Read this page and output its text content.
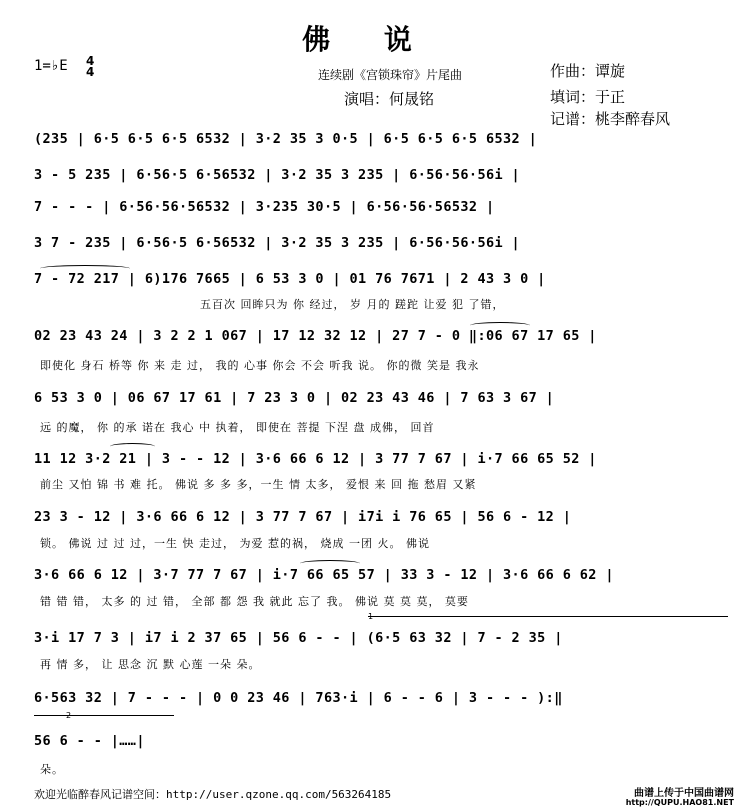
佛 说
1=♭E 4
4	连续剧《宫锁珠帘》片尾曲
演唱：何晟铭
作曲：谭旋
填词：于正
记谱：桃李醉春风
(235 | 6·5 6·5 6·5 6532 | 3·2 35 3 0·5 | 6·5 6·5 6·5 6532 |
3 - 5 235 | 6·56·5 6·56532 | 3·2 35 3 235 | 6·56·56·56i |
7 - - - | 6·56·56·56532 | 3·235 30·5 | 6·56·56·56532 |
3 7 - 235 | 6·56·5 6·56532 | 3·2 35 3 235 | 6·56·56·56i |
7 - 72 217 | 6)176 7665 | 6 53 3 0 | 01 76 7671 | 2 43 3 0 |
五百次 回眸只为 你 经过， 岁 月的 蹉跎 让爱 犯 了错，
02 23 43 24 | 3 2 2 1 067 | 17 12 32 12 | 27 7 - 0 ‖:06 67 17 65 |
即使化 身石 桥等 你 来 走 过， 我的 心事 你会 不会 听我 说。 你的微 笑是 我永
6 53 3 0 | 06 67 17 61 | 7 23 3 0 | 02 23 43 46 | 7 63 3 67 |
远 的魔， 你 的承 诺在 我心 中 执着， 即使在 菩提 下涅 盘 成佛， 回首
11 12 3·2 21 | 3 - - 12 | 3·6 66 6 12 | 3 77 7 67 | i·7 66 65 52 |
前尘 又怕 锦 书 难 托。 佛说 多 多 多，一生 情 太多， 爱恨 来 回 拖 愁眉 又紧
23 3 - 12 | 3·6 66 6 12 | 3 77 7 67 | i7i i 76 65 | 56 6 - 12 |
锁。 佛说 过 过 过，一生 快 走过， 为爱 惹的祸， 烧成 一团 火。 佛说
3·6 66 6 12 | 3·7 77 7 67 | i·7 66 65 57 | 33 3 - 12 | 3·6 66 6 62 |
错 错 错， 太多 的 过 错， 全部 都 怨 我 就此 忘了 我。 佛说 莫 莫 莫， 莫要
3·i 17 7 3 | i7 i 2 37 65 | 56 6 - - | (6·5 63 32 | 7 - 2 35 |
再 情 多， 让 思念 沉 默 心莲 一朵 朵。
6·563 32 | 7 - - - | 0 0 23 46 | 763·i | 6 - - 6 | 3 - - - ):‖
56 6 - - |……|
朵。
欢迎光临醉春风记谱空间：http://user.qzone.qq.com/563264185	曲谱上传于中国曲谱网
http://QUPU.HAO81.NET
